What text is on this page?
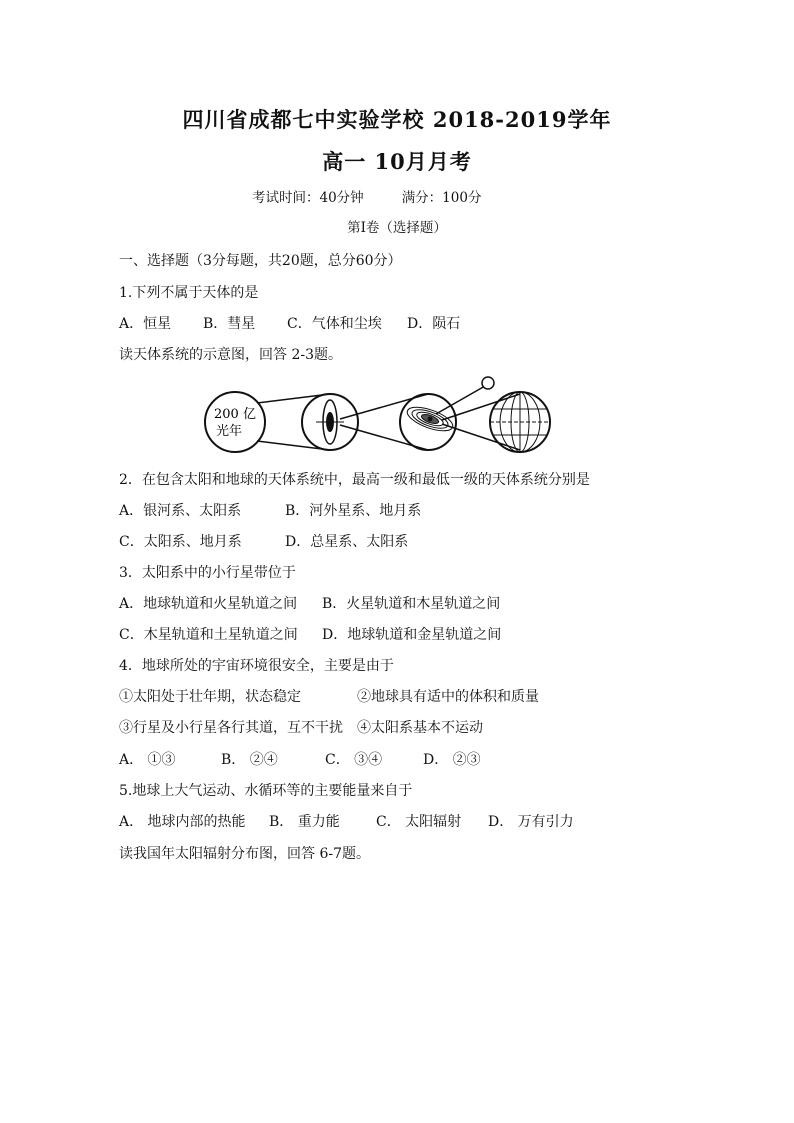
四川省成都七中实验学校 2018-2019学年
高一 10月月考
考试时间：40分钟	满分：100分
第Ⅰ卷（选择题）
一、选择题（3分每题，共20题，总分60分）
1.下列不属于天体的是
A．恒星 B．彗星 C．气体和尘埃 D．陨石
读天体系统的示意图，回答 2-3题。
200 亿
光年
2．在包含太阳和地球的天体系统中，最高一级和最低一级的天体系统分别是
A．银河系、太阳系	B．河外星系、地月系
C．太阳系、地月系	D．总星系、太阳系
3．太阳系中的小行星带位于
A．地球轨道和火星轨道之间 B．火星轨道和木星轨道之间
C．木星轨道和土星轨道之间 D．地球轨道和金星轨道之间
4．地球所处的宇宙环境很安全，主要是由于
①太阳处于壮年期，状态稳定	②地球具有适中的体积和质量
③行星及小行星各行其道，互不干扰 ④太阳系基本不运动
A． ①③	B． ②④	C． ③④	D． ②③
5.地球上大气运动、水循环等的主要能量来自于
A． 地球内部的热能 B． 重力能	C． 太阳辐射 D． 万有引力
读我国年太阳辐射分布图，回答 6-7题。
